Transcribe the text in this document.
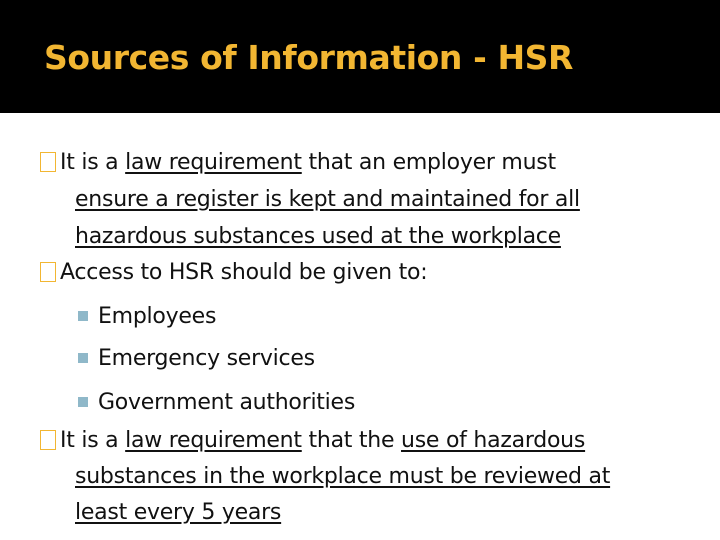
Sources of Information - HSR
It is a law requirement that an employer must
ensure a register is kept and maintained for all
hazardous substances used at the workplace
Access to HSR should be given to:
Employees
Emergency services
Government authorities
It is a law requirement that the use of hazardous
substances in the workplace must be reviewed at
least every 5 years
